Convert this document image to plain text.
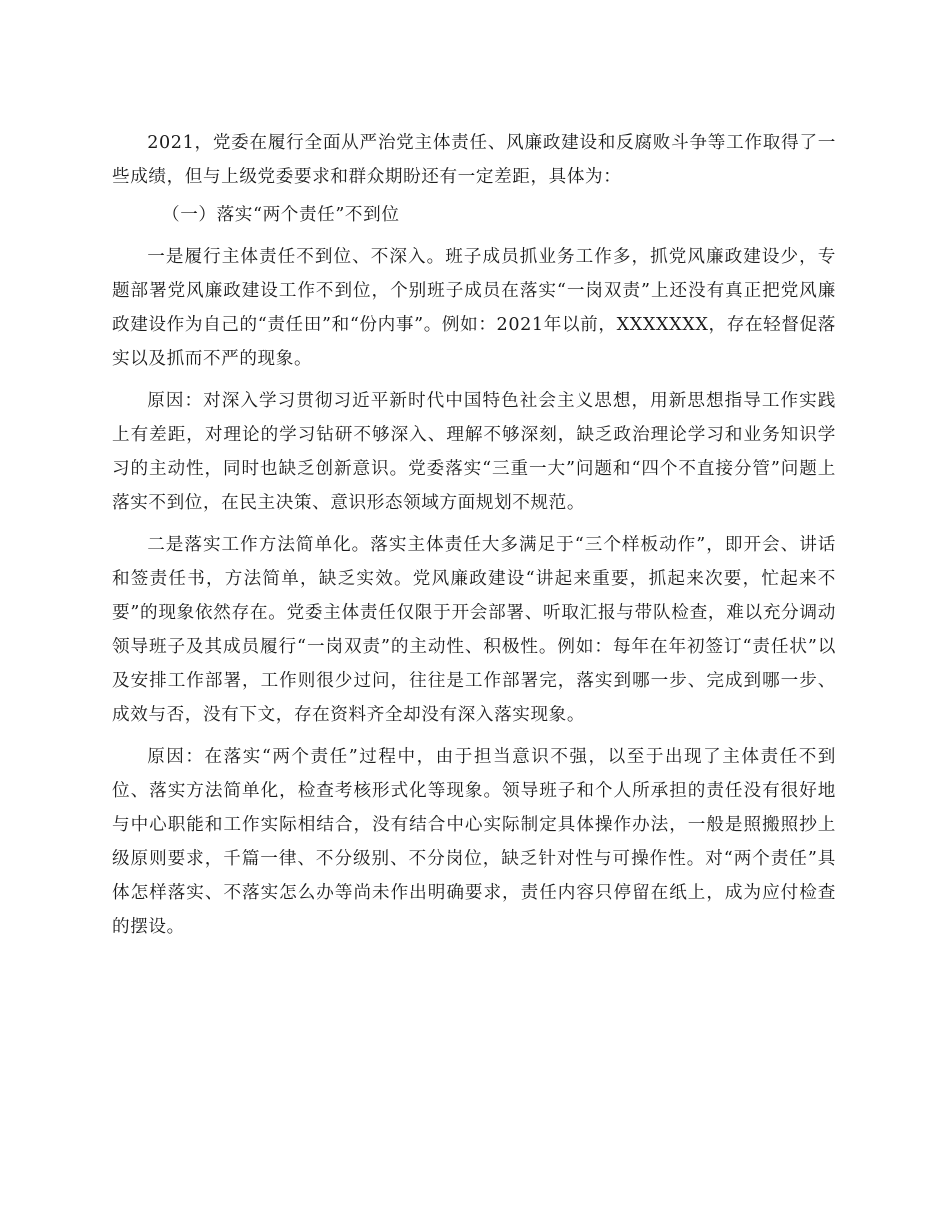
2021，党委在履行全面从严治党主体责任、风廉政建设和反腐败斗争等工作取得了一些成绩，但与上级党委要求和群众期盼还有一定差距，具体为：

（一）落实“两个责任”不到位

一是履行主体责任不到位、不深入。班子成员抓业务工作多，抓党风廉政建设少，专题部署党风廉政建设工作不到位，个别班子成员在落实“一岗双责”上还没有真正把党风廉政建设作为自己的“责任田”和“份内事”。例如：2021年以前，XXXXXXX，存在轻督促落实以及抓而不严的现象。

原因：对深入学习贯彻习近平新时代中国特色社会主义思想，用新思想指导工作实践上有差距，对理论的学习钻研不够深入、理解不够深刻，缺乏政治理论学习和业务知识学习的主动性，同时也缺乏创新意识。党委落实“三重一大”问题和“四个不直接分管”问题上落实不到位，在民主决策、意识形态领域方面规划不规范。

二是落实工作方法简单化。落实主体责任大多满足于“三个样板动作”，即开会、讲话和签责任书，方法简单，缺乏实效。党风廉政建设“讲起来重要，抓起来次要，忙起来不要”的现象依然存在。党委主体责任仅限于开会部署、听取汇报与带队检查，难以充分调动领导班子及其成员履行“一岗双责”的主动性、积极性。例如：每年在年初签订“责任状”以及安排工作部署，工作则很少过问，往往是工作部署完，落实到哪一步、完成到哪一步、成效与否，没有下文，存在资料齐全却没有深入落实现象。

原因：在落实“两个责任”过程中，由于担当意识不强，以至于出现了主体责任不到位、落实方法简单化，检查考核形式化等现象。领导班子和个人所承担的责任没有很好地与中心职能和工作实际相结合，没有结合中心实际制定具体操作办法，一般是照搬照抄上级原则要求，千篇一律、不分级别、不分岗位，缺乏针对性与可操作性。对“两个责任”具体怎样落实、不落实怎么办等尚未作出明确要求，责任内容只停留在纸上，成为应付检查的摆设。
